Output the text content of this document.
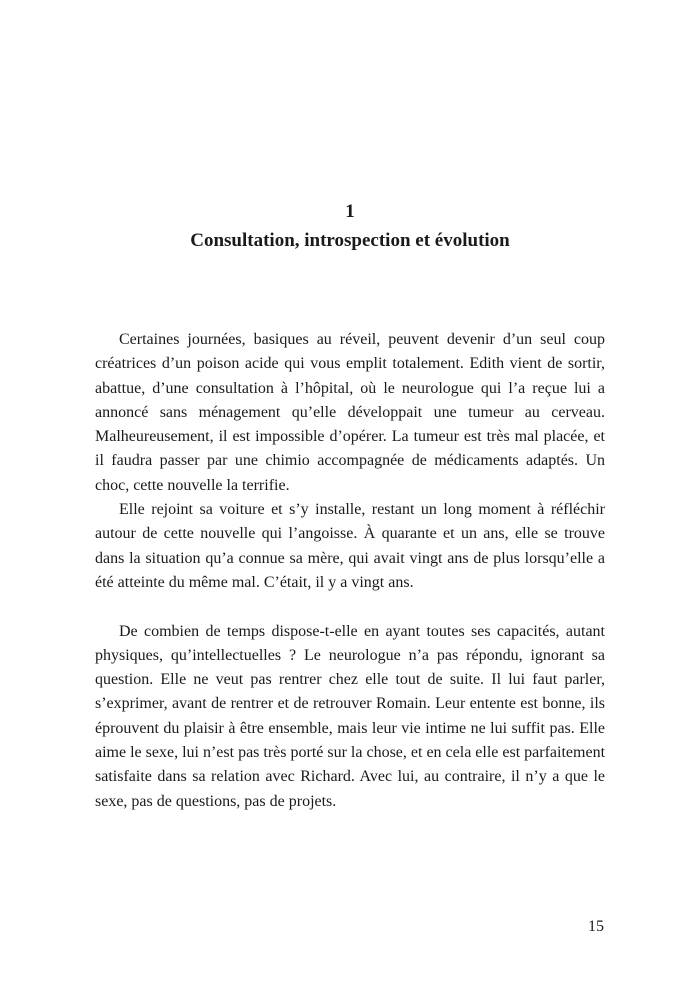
1
Consultation, introspection et évolution

Certaines journées, basiques au réveil, peuvent devenir d’un seul coup créatrices d’un poison acide qui vous emplit totalement. Edith vient de sortir, abattue, d’une consultation à l’hôpital, où le neurologue qui l’a reçue lui a annoncé sans ménagement qu’elle développait une tumeur au cerveau. Malheureusement, il est impossible d’opérer. La tumeur est très mal placée, et il faudra passer par une chimio accompagnée de médicaments adaptés. Un choc, cette nouvelle la terrifie.

Elle rejoint sa voiture et s’y installe, restant un long moment à réfléchir autour de cette nouvelle qui l’angoisse. À quarante et un ans, elle se trouve dans la situation qu’a connue sa mère, qui avait vingt ans de plus lorsqu’elle a été atteinte du même mal. C’était, il y a vingt ans.

De combien de temps dispose-t-elle en ayant toutes ses capacités, autant physiques, qu’intellectuelles ? Le neurologue n’a pas répondu, ignorant sa question. Elle ne veut pas rentrer chez elle tout de suite. Il lui faut parler, s’exprimer, avant de rentrer et de retrouver Romain. Leur entente est bonne, ils éprouvent du plaisir à être ensemble, mais leur vie intime ne lui suffit pas. Elle aime le sexe, lui n’est pas très porté sur la chose, et en cela elle est parfaitement satisfaite dans sa relation avec Richard. Avec lui, au contraire, il n’y a que le sexe, pas de questions, pas de projets.

15
